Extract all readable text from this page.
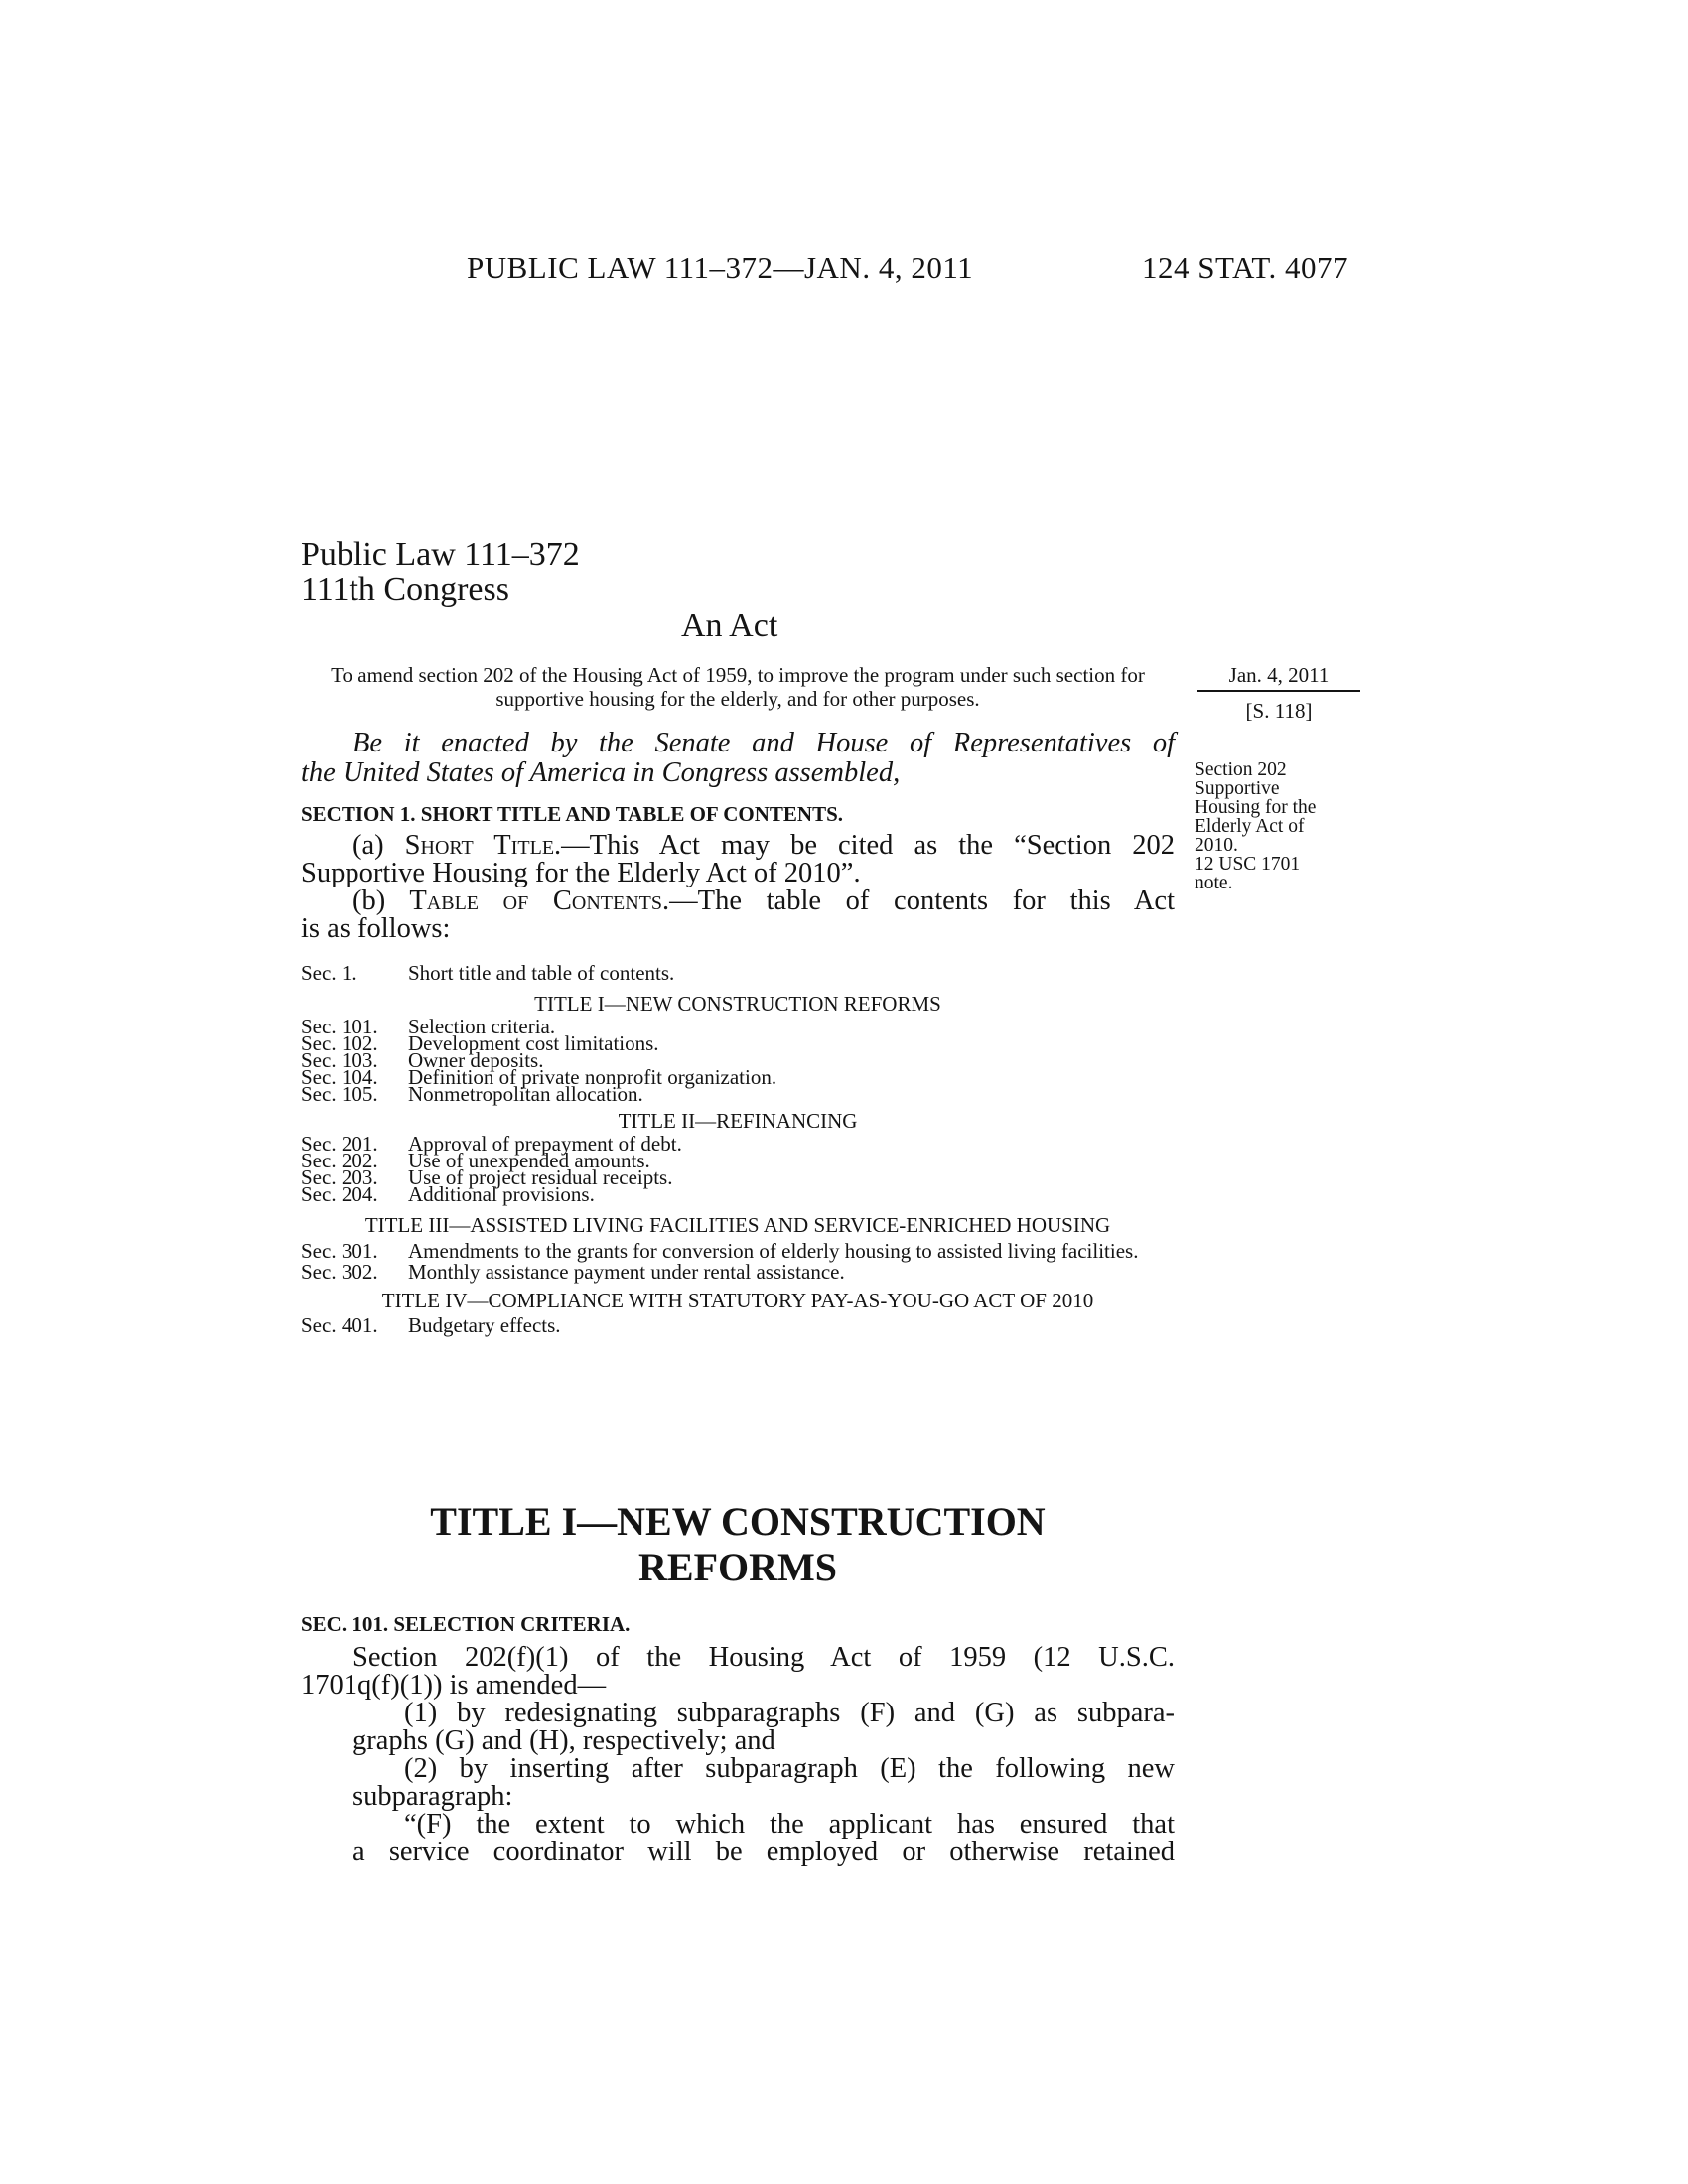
PUBLIC LAW 111–372—JAN. 4, 2011	124 STAT. 4077
Public Law 111–372
111th Congress
An Act
To amend section 202 of the Housing Act of 1959, to improve the program under such section for supportive housing for the elderly, and for other purposes.
Jan. 4, 2011
[S. 118]
Section 202
Supportive
Housing for the
Elderly Act of
2010.
12 USC 1701
note.
Be it enacted by the Senate and House of Representatives of
the United States of America in Congress assembled,
SECTION 1. SHORT TITLE AND TABLE OF CONTENTS.
(a) Short Title.—This Act may be cited as the “Section 202
Supportive Housing for the Elderly Act of 2010”.
(b) Table of Contents.—The table of contents for this Act
is as follows:
Sec. 1.	Short title and table of contents.
TITLE I—NEW CONSTRUCTION REFORMS
Sec. 101.	Selection criteria.
Sec. 102.	Development cost limitations.
Sec. 103.	Owner deposits.
Sec. 104.	Definition of private nonprofit organization.
Sec. 105.	Nonmetropolitan allocation.
TITLE II—REFINANCING
Sec. 201.	Approval of prepayment of debt.
Sec. 202.	Use of unexpended amounts.
Sec. 203.	Use of project residual receipts.
Sec. 204.	Additional provisions.
TITLE III—ASSISTED LIVING FACILITIES AND SERVICE-ENRICHED HOUSING
Sec. 301.	Amendments to the grants for conversion of elderly housing to assisted living facilities.
Sec. 302.	Monthly assistance payment under rental assistance.
TITLE IV—COMPLIANCE WITH STATUTORY PAY-AS-YOU-GO ACT OF 2010
Sec. 401.	Budgetary effects.
TITLE I—NEW CONSTRUCTION
REFORMS
SEC. 101. SELECTION CRITERIA.
Section 202(f)(1) of the Housing Act of 1959 (12 U.S.C.
1701q(f)(1)) is amended—
(1) by redesignating subparagraphs (F) and (G) as subpara-
graphs (G) and (H), respectively; and
(2) by inserting after subparagraph (E) the following new
subparagraph:
“(F) the extent to which the applicant has ensured that
a service coordinator will be employed or otherwise retained
